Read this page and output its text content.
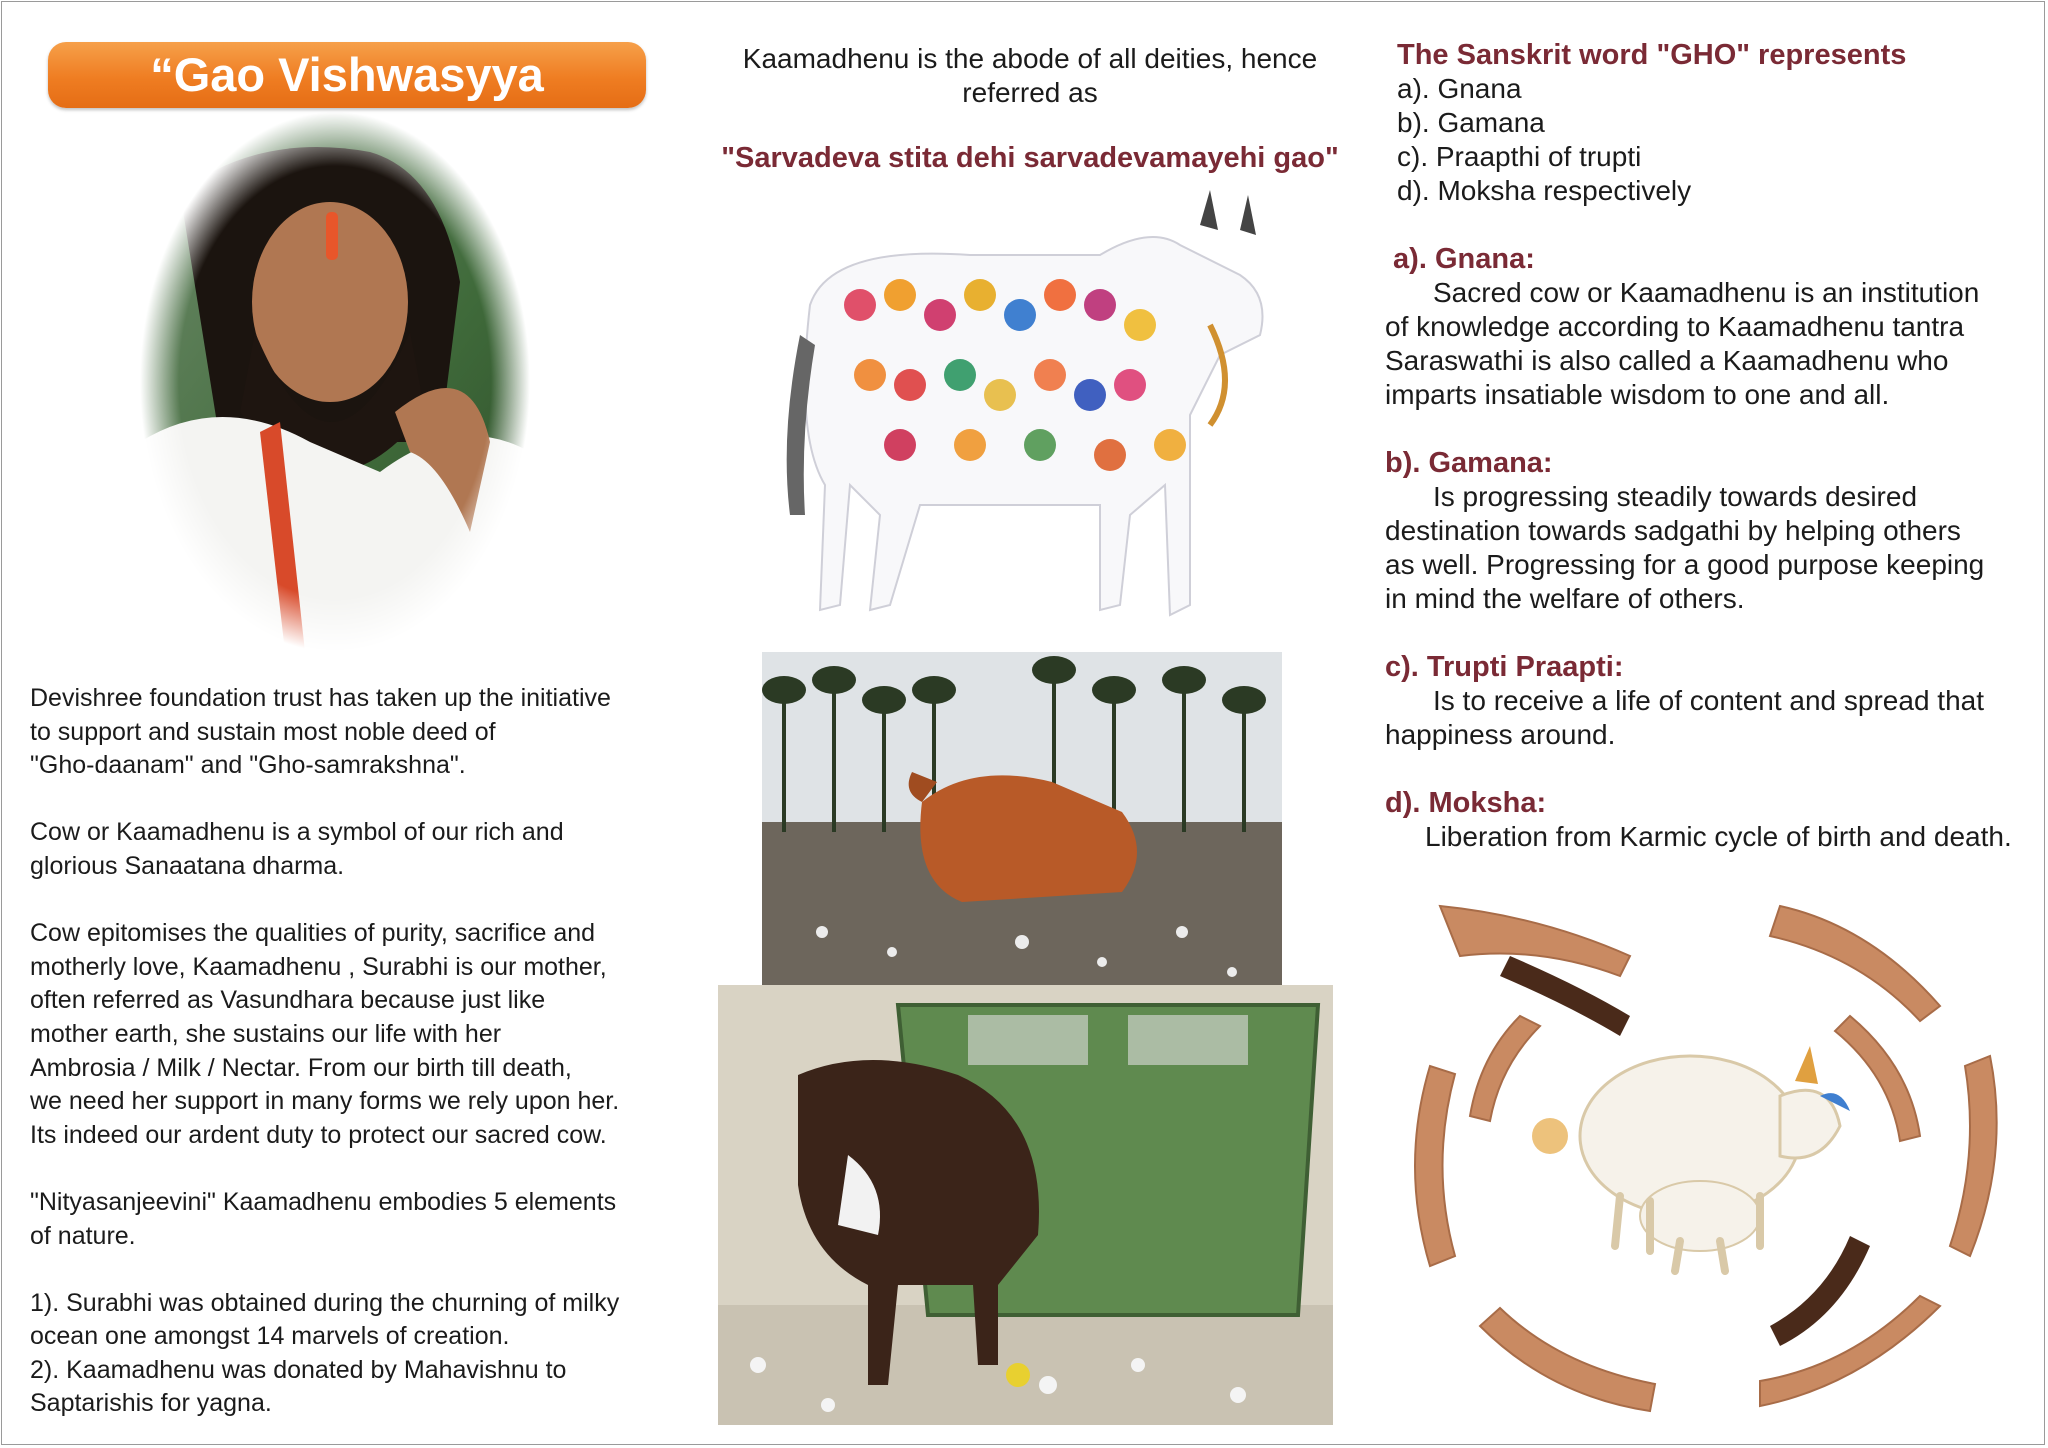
“Gao Vishwasyya

Devishree foundation trust has taken up the initiative
to support and sustain most noble deed of
"Gho-daanam" and "Gho-samrakshna".

Cow or Kaamadhenu is a symbol of our rich and
glorious Sanaatana dharma.

Cow epitomises the qualities of purity, sacrifice and
motherly love, Kaamadhenu , Surabhi is our mother,
often referred as Vasundhara because just like
mother earth, she sustains our life with her
Ambrosia / Milk / Nectar. From our birth till death,
we need her support in many forms we rely upon her.
Its indeed our ardent duty to protect our sacred cow.

"Nityasanjeevini" Kaamadhenu embodies 5 elements
of nature.

1). Surabhi was obtained during the churning of milky
ocean one amongst 14 marvels of creation.
2). Kaamadhenu was donated by Mahavishnu to
Saptarishis for yagna.

Kaamadhenu is the abode of all deities, hence
referred as
"Sarvadeva stita dehi sarvadevamayehi gao"
The Sanskrit word "GHO" represents
a). Gnana
b). Gamana
c). Praapthi of trupti
d). Moksha respectively
a). Gnana:
Sacred cow or Kaamadhenu is an institution
of knowledge according to Kaamadhenu tantra
Saraswathi is also called a Kaamadhenu who
imparts insatiable wisdom to one and all.
b). Gamana:
Is progressing steadily towards desired
destination towards sadgathi by helping others
as well. Progressing for a good purpose keeping
in mind the welfare of others.
c). Trupti Praapti:
Is to receive a life of content and spread that
happiness around.
d). Moksha:
Liberation from Karmic cycle of birth and death.
